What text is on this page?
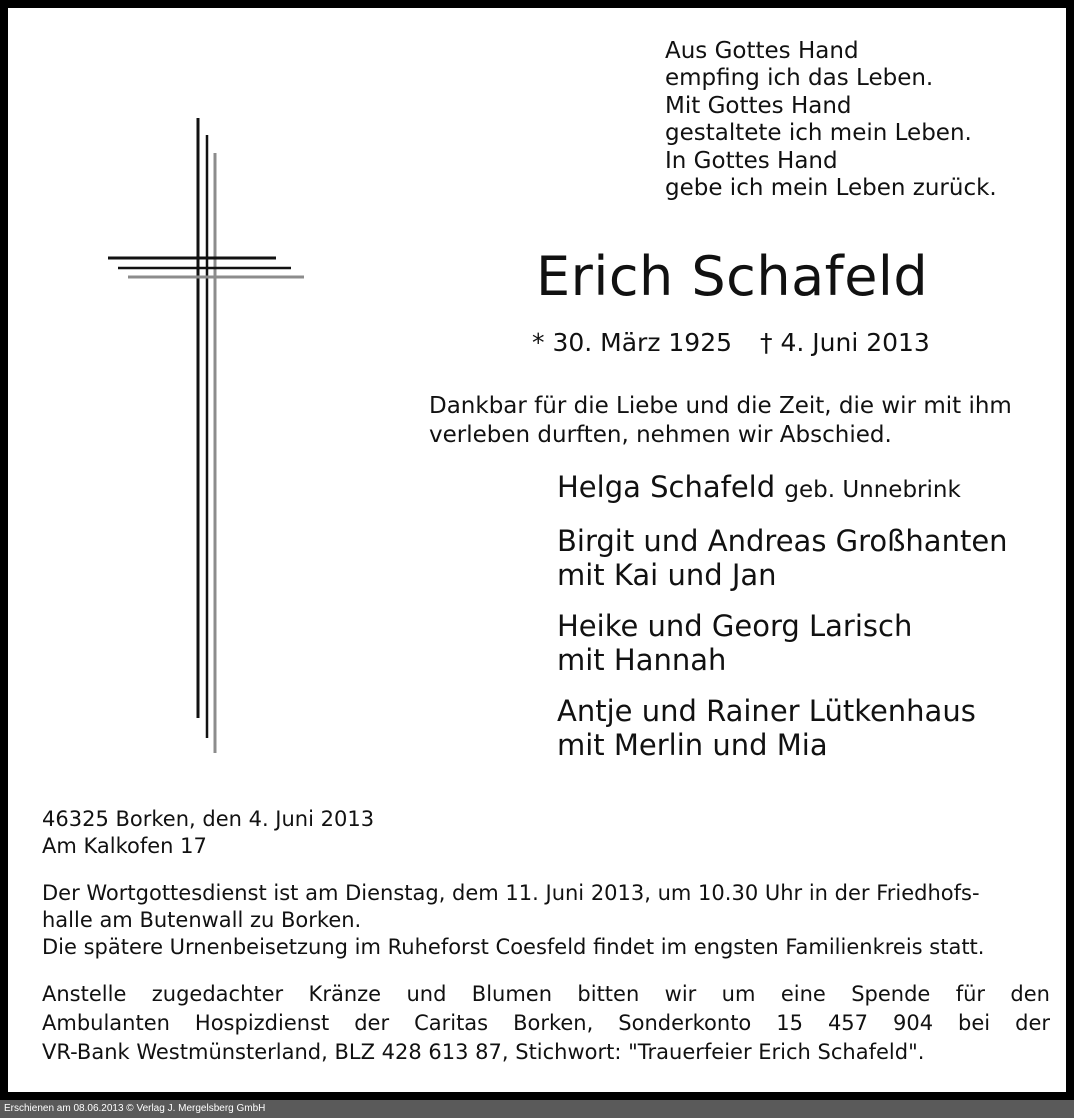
Aus Gottes Hand
empfing ich das Leben.
Mit Gottes Hand
gestaltete ich mein Leben.
In Gottes Hand
gebe ich mein Leben zurück.
Erich Schafeld
* 30. März 1925 † 4. Juni 2013
Dankbar für die Liebe und die Zeit, die wir mit ihm
verleben durften, nehmen wir Abschied.
Helga Schafeld geb. Unnebrink
Birgit und Andreas Großhanten
mit Kai und Jan
Heike und Georg Larisch
mit Hannah
Antje und Rainer Lütkenhaus
mit Merlin und Mia
46325 Borken, den 4. Juni 2013
Am Kalkofen 17
Der Wortgottesdienst ist am Dienstag, dem 11. Juni 2013, um 10.30 Uhr in der Friedhofs-
halle am Butenwall zu Borken.
Die spätere Urnenbeisetzung im Ruheforst Coesfeld findet im engsten Familienkreis statt.
Anstelle zugedachter Kränze und Blumen bitten wir um eine Spende für den
Ambulanten Hospizdienst der Caritas Borken, Sonderkonto 15 457 904 bei der
VR-Bank Westmünsterland, BLZ 428 613 87, Stichwort: "Trauerfeier Erich Schafeld".
Erschienen am 08.06.2013 © Verlag J. Mergelsberg GmbH
